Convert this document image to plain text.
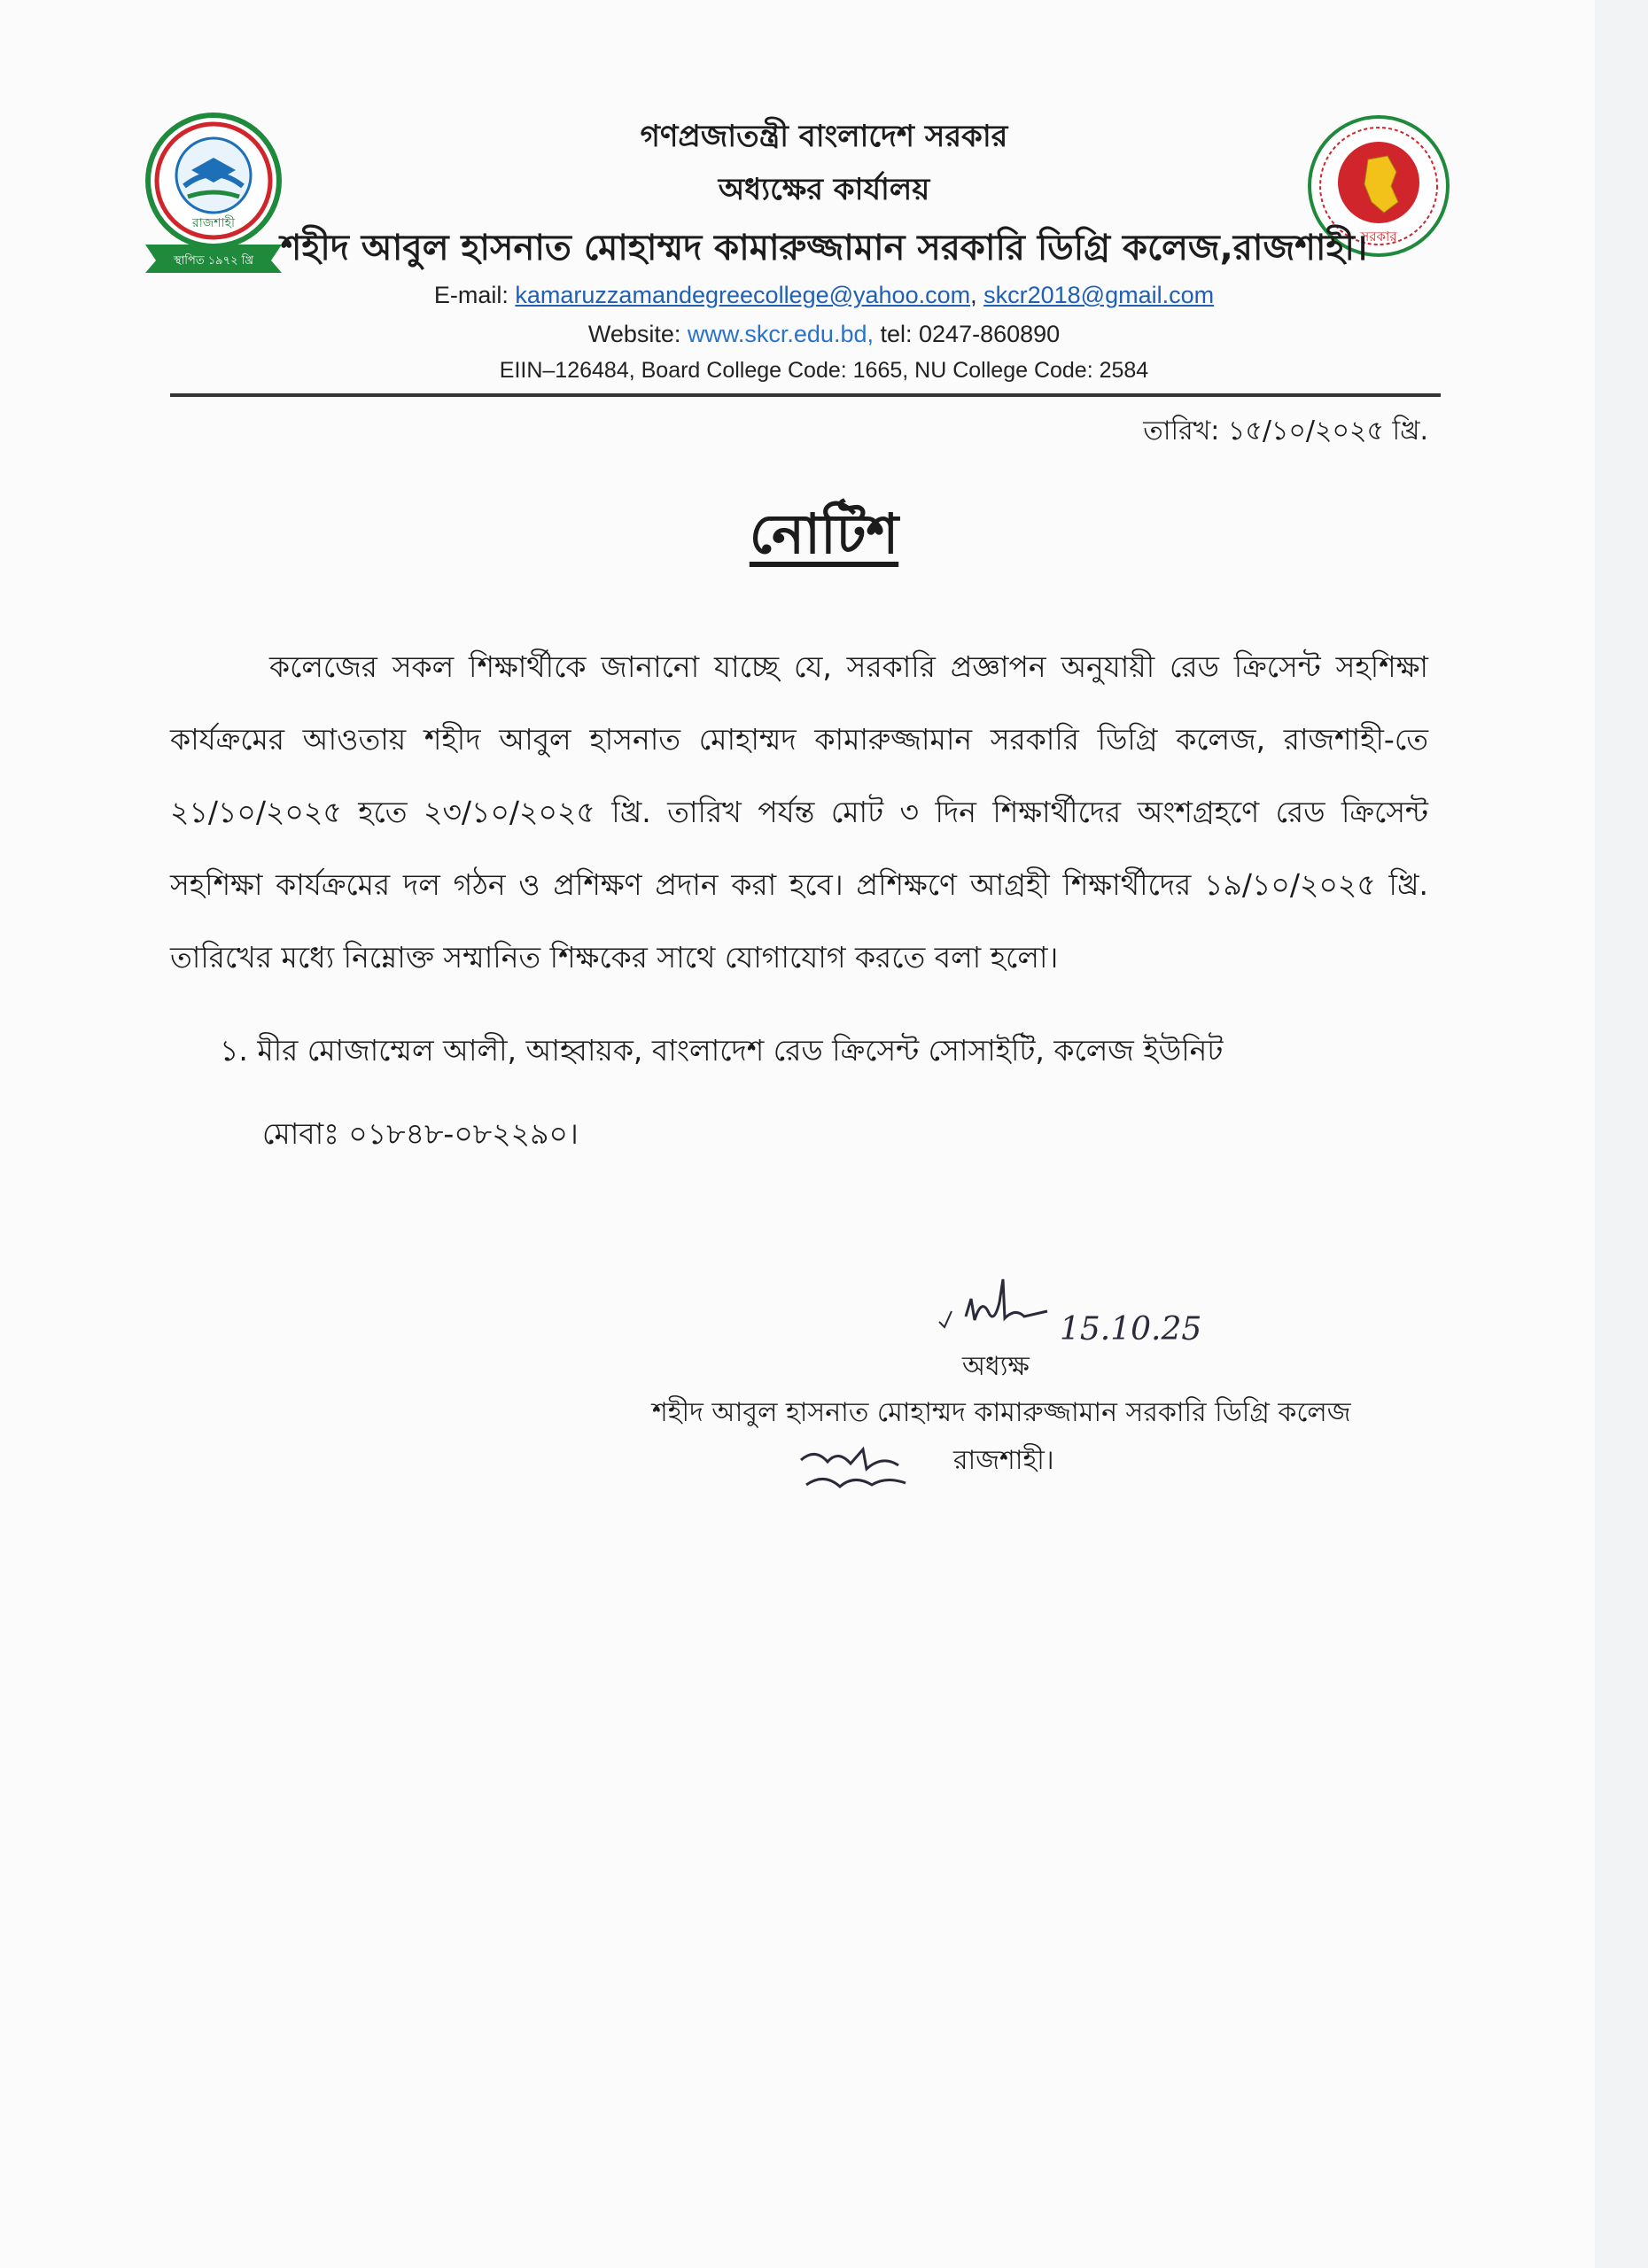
রাজশাহী
স্থাপিত ১৯৭২ খ্রি
সরকার
গণপ্রজাতন্ত্রী বাংলাদেশ সরকার
অধ্যক্ষের কার্যালয়
শহীদ আবুল হাসনাত মোহাম্মদ কামারুজ্জামান সরকারি ডিগ্রি কলেজ,রাজশাহী।
E-mail: kamaruzzamandegreecollege@yahoo.com, skcr2018@gmail.com
Website: www.skcr.edu.bd, tel: 0247-860890
EIIN–126484, Board College Code: 1665, NU College Code: 2584
তারিখ: ১৫/১০/২০২৫ খ্রি.
নোটিশ
কলেজের সকল শিক্ষার্থীকে জানানো যাচ্ছে যে, সরকারি প্রজ্ঞাপন অনুযায়ী রেড ক্রিসেন্ট সহশিক্ষা কার্যক্রমের আওতায় শহীদ আবুল হাসনাত মোহাম্মদ কামারুজ্জামান সরকারি ডিগ্রি কলেজ, রাজশাহী-তে ২১/১০/২০২৫ হতে ২৩/১০/২০২৫ খ্রি. তারিখ পর্যন্ত মোট ৩ দিন শিক্ষার্থীদের অংশগ্রহণে রেড ক্রিসেন্ট সহশিক্ষা কার্যক্রমের দল গঠন ও প্রশিক্ষণ প্রদান করা হবে। প্রশিক্ষণে আগ্রহী শিক্ষার্থীদের ১৯/১০/২০২৫ খ্রি. তারিখের মধ্যে নিম্নোক্ত সম্মানিত শিক্ষকের সাথে যোগাযোগ করতে বলা হলো।
১. মীর মোজাম্মেল আলী, আহ্বায়ক, বাংলাদেশ রেড ক্রিসেন্ট সোসাইটি, কলেজ ইউনিট
মোবাঃ ০১৮৪৮-০৮২২৯০।
15.10.25
অধ্যক্ষ
শহীদ আবুল হাসনাত মোহাম্মদ কামারুজ্জামান সরকারি ডিগ্রি কলেজ
রাজশাহী।
